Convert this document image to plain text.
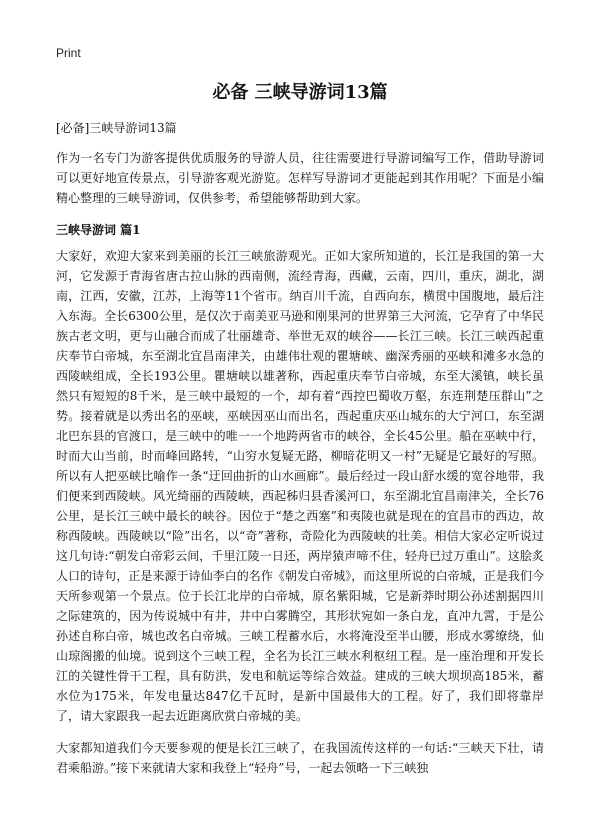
Print
必备 三峡导游词13篇

[必备]三峡导游词13篇

作为一名专门为游客提供优质服务的导游人员，往往需要进行导游词编写工作，借助导游词可以更好地宣传景点，引导游客观光游览。怎样写导游词才更能起到其作用呢？下面是小编精心整理的三峡导游词，仅供参考，希望能够帮助到大家。

三峡导游词 篇1

大家好，欢迎大家来到美丽的长江三峡旅游观光。正如大家所知道的，长江是我国的第一大河，它发源于青海省唐古拉山脉的西南侧，流经青海，西藏，云南，四川，重庆，湖北，湖南，江西，安徽，江苏，上海等11个省市。纳百川千流，自西向东，横贯中国腹地，最后注入东海。全长6300公里，是仅次于南美亚马逊和刚果河的世界第三大河流，它孕育了中华民族古老文明，更与山融合而成了壮丽雄奇、举世无双的峡谷——长江三峡。长江三峡西起重庆奉节白帝城，东至湖北宜昌南津关，由雄伟壮观的瞿塘峡、幽深秀丽的巫峡和滩多水急的西陵峡组成，全长193公里。瞿塘峡以雄著称，西起重庆奉节白帝城，东至大溪镇，峡长虽然只有短短的8千米，是三峡中最短的一个，却有着“西控巴蜀收万壑，东连荆楚压群山”之势。接着就是以秀出名的巫峡，巫峡因巫山而出名，西起重庆巫山城东的大宁河口，东至湖北巴东县的官渡口，是三峡中的唯一一个地跨两省市的峡谷，全长45公里。船在巫峡中行，时而大山当前，时而峰回路转，“山穷水复疑无路，柳暗花明又一村”无疑是它最好的写照。所以有人把巫峡比喻作一条“迂回曲折的山水画廊”。最后经过一段山舒水缓的宽谷地带，我们便来到西陵峡。风光绮丽的西陵峡，西起秭归县香溪河口，东至湖北宜昌南津关，全长76公里，是长江三峡中最长的峡谷。因位于“楚之西塞”和夷陵也就是现在的宜昌市的西边，故称西陵峡。西陵峡以“险”出名，以“奇”著称，奇险化为西陵峡的壮美。相信大家必定听说过这几句诗:“朝发白帝彩云间，千里江陵一日还，两岸猿声啼不住，轻舟已过万重山”。这脍炙人口的诗句，正是来源于诗仙李白的名作《朝发白帝城》，而这里所说的白帝城，正是我们今天所参观第一个景点。位于长江北岸的白帝城，原名紫阳城，它是新莽时期公孙述割据四川之际建筑的，因为传说城中有井，井中白雾腾空，其形状宛如一条白龙，直冲九霄，于是公孙述自称白帝，城也改名白帝城。三峡工程蓄水后，水将淹没至半山腰，形成水雾缭绕，仙山琼阁搬的仙境。说到这个三峡工程，全名为长江三峡水利枢纽工程。是一座治理和开发长江的关键性骨干工程，具有防洪，发电和航运等综合效益。建成的三峡大坝坝高185米，蓄水位为175米，年发电量达847亿千瓦时，是新中国最伟大的工程。好了，我们即将靠岸了，请大家跟我一起去近距离欣赏白帝城的美。

大家都知道我们今天要参观的便是长江三峡了，在我国流传这样的一句话:“三峡天下壮，请君乘船游。”接下来就请大家和我登上“轻舟”号，一起去领略一下三峡独
